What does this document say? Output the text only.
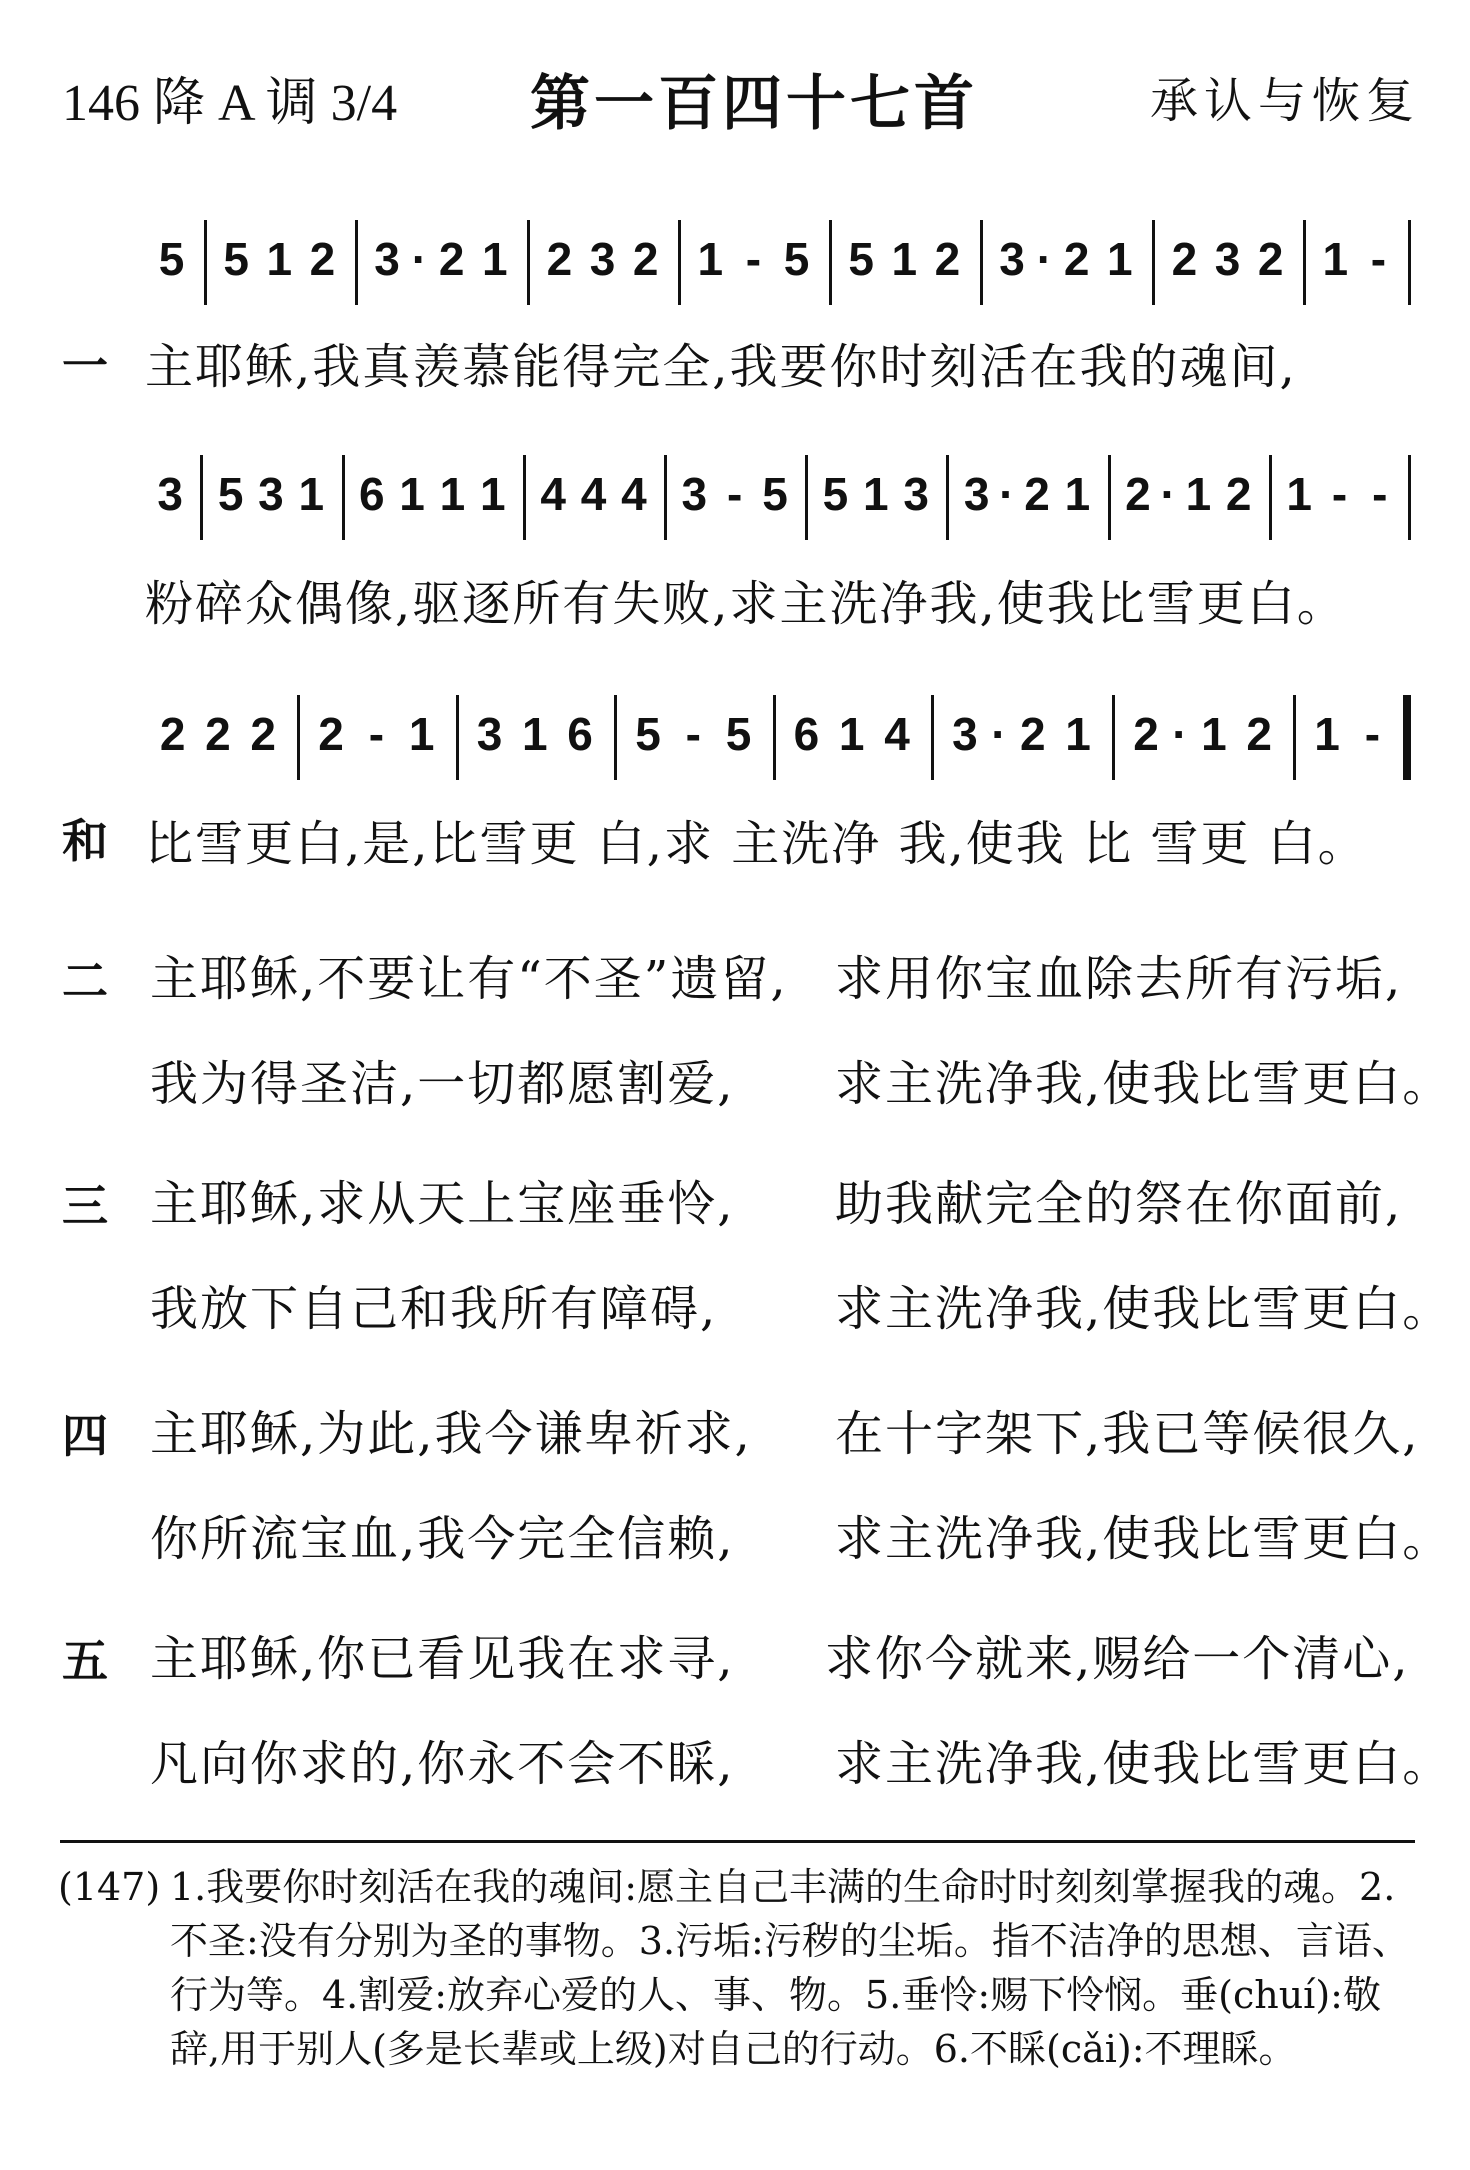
146 降 A 调 3/4 第一百四十七首	承认与恢复
5 5 1 2 3 · 2 1 2 3 2 1 - 5 5 1 2 3 · 2 1 2 3 2 1 -
一 主耶稣,我真羡慕能得完全,我要你时刻活在我的魂间,
3 5 3 1 6 1 1 1 4 4 4 3 - 5 5 1 3 3 · 2 1 2 · 1 2 1 - -
粉碎众偶像,驱逐所有失败,求主洗净我,使我比雪更白。
2 2 2 2 - 1 3 1 6 5 - 5 6 1 4 3 · 2 1 2 · 1 2 1 -
和 比雪更白,是,比雪更 白,求 主洗净 我,使我 比 雪更 白。
二 主耶稣,不要让有“不圣”遗留, 求用你宝血除去所有污垢,
我为得圣洁,一切都愿割爱, 求主洗净我,使我比雪更白。
三 主耶稣,求从天上宝座垂怜, 助我献完全的祭在你面前,
我放下自己和我所有障碍, 求主洗净我,使我比雪更白。
四 主耶稣,为此,我今谦卑祈求, 在十字架下,我已等候很久,
你所流宝血,我今完全信赖, 求主洗净我,使我比雪更白。
五 主耶稣,你已看见我在求寻, 求你今就来,赐给一个清心,
凡向你求的,你永不会不睬, 求主洗净我,使我比雪更白。
(147) 1.我要你时刻活在我的魂间:愿主自己丰满的生命时时刻刻掌握我的魂。2.不圣:没有分别为圣的事物。3.污垢:污秽的尘垢。指不洁净的思想、言语、行为等。4.割爱:放弃心爱的人、事、物。5.垂怜:赐下怜悯。垂(chuí):敬辞,用于别人(多是长辈或上级)对自己的行动。6.不睬(cǎi):不理睬。
